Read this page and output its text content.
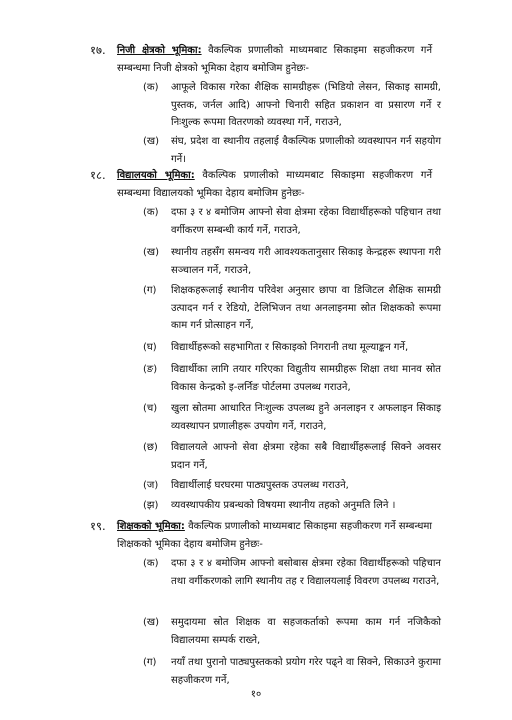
१७. निजी क्षेत्रको भूमिका: वैकल्पिक प्रणालीको माध्यमबाट सिकाइमा सहजीकरण गर्ने सम्बन्धमा निजी क्षेत्रको भूमिका देहाय बमोजिम हुनेछः-
(क)	आफूले विकास गरेका शैक्षिक सामग्रीहरू (भिडियो लेसन, सिकाइ सामग्री, पुस्तक, जर्नल आदि) आफ्नो चिनारी सहित प्रकाशन वा प्रसारण गर्ने र निःशुल्क रूपमा वितरणको व्यवस्था गर्ने, गराउने,
(ख)	संघ, प्रदेश वा स्थानीय तहलाई वैकल्पिक प्रणालीको व्यवस्थापन गर्न सहयोग गर्ने।
१८. विद्यालयको भूमिका: वैकल्पिक प्रणालीको माध्यमबाट सिकाइमा सहजीकरण गर्ने सम्बन्धमा विद्यालयको भूमिका देहाय बमोजिम हुनेछः-
(क)	दफा ३ र ४ बमोजिम आफ्नो सेवा क्षेत्रमा रहेका विद्यार्थीहरूको पहिचान तथा वर्गीकरण सम्बन्धी कार्य गर्ने, गराउने,
(ख)	स्थानीय तहसँग समन्वय गरी आवश्यकतानुसार सिकाइ केन्द्रहरू स्थापना गरी सञ्चालन गर्ने, गराउने,
(ग)	शिक्षकहरूलाई स्थानीय परिवेश अनुसार छापा वा डिजिटल शैक्षिक सामग्री उत्पादन गर्न र रेडियो, टेलिभिजन तथा अनलाइनमा स्रोत शिक्षकको रूपमा काम गर्न प्रोत्साहन गर्ने,
(घ)	विद्यार्थीहरूको सहभागिता र सिकाइको निगरानी तथा मूल्याङ्कन गर्ने,
(ङ)	विद्यार्थीका लागि तयार गरिएका विद्युतीय सामग्रीहरू शिक्षा तथा मानव स्रोत विकास केन्द्रको इ-लर्निङ पोर्टलमा उपलब्ध गराउने,
(च)	खुला स्रोतमा आधारित निःशुल्क उपलब्ध हुने अनलाइन र अफलाइन सिकाइ व्यवस्थापन प्रणालीहरू उपयोग गर्ने, गराउने,
(छ)	विद्यालयले आफ्नो सेवा क्षेत्रमा रहेका सबै विद्यार्थीहरूलाई सिक्ने अवसर प्रदान गर्ने,
(ज)	विद्यार्थीलाई घरघरमा पाठ्यपुस्तक उपलब्ध गराउने,
(झ)	व्यवस्थापकीय प्रबन्धको विषयमा स्थानीय तहको अनुमति लिने ।
१९. शिक्षकको भूमिका: वैकल्पिक प्रणालीको माध्यमबाट सिकाइमा सहजीकरण गर्ने सम्बन्धमा शिक्षकको भूमिका देहाय बमोजिम हुनेछः-
(क)	दफा ३ र ४ बमोजिम आफ्नो बसोबास क्षेत्रमा रहेका विद्यार्थीहरूको पहिचान तथा वर्गीकरणको लागि स्थानीय तह र विद्यालयलाई विवरण उपलब्ध गराउने,
(ख)	समुदायमा स्रोत शिक्षक वा सहजकर्ताको रूपमा काम गर्न नजिकैको विद्यालयमा सम्पर्क राख्ने,
(ग)	नयाँ तथा पुरानो पाठ्यपुस्तकको प्रयोग गरेर पढ्ने वा सिक्ने, सिकाउने कुरामा सहजीकरण गर्ने,
१०
